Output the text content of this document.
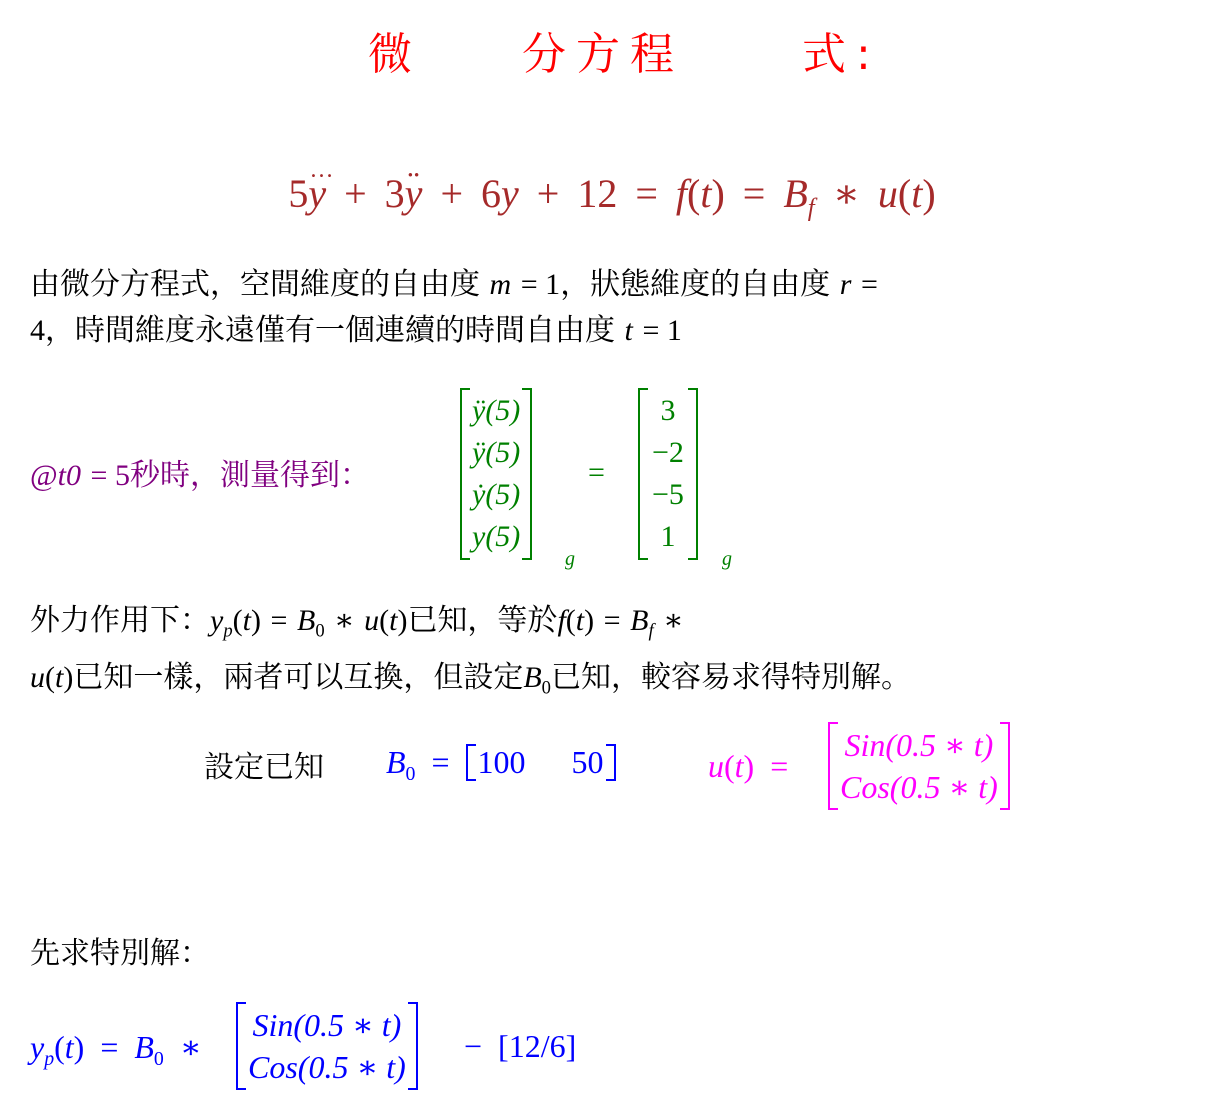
微 分方程	式:
5… y + 3¨ $y + 6y + 12 = f(t) = B_f$ ∗ u(t)
由微分方程式，空間維度的自由度 m = 1，狀態維度的自由度 r =
4，時間維度永遠僅有一個連續的時間自由度 t = 1
@t0 = 5秒時，測量得到：
ÿ(5)
ÿ(5)
ẏ(5)
y(5)
g
=
3
−2
−5
1
g
外力作用下：$y_p(t) = B_0$ ∗ u(t)已知，等於$f(t) = B_f$ ∗
u(t)已知一樣，兩者可以互換，但設定$B_0$已知，較容易求得特別解。
設定已知 $B_0 = 100$ 50	u(t) =
Sin(0.5 ∗ t)
Cos(0.5 ∗ t)
先求特別解：
$y_p(t) = B_0$ ∗
Sin(0.5 ∗ t)
Cos(0.5 ∗ t)
− [12/6]
